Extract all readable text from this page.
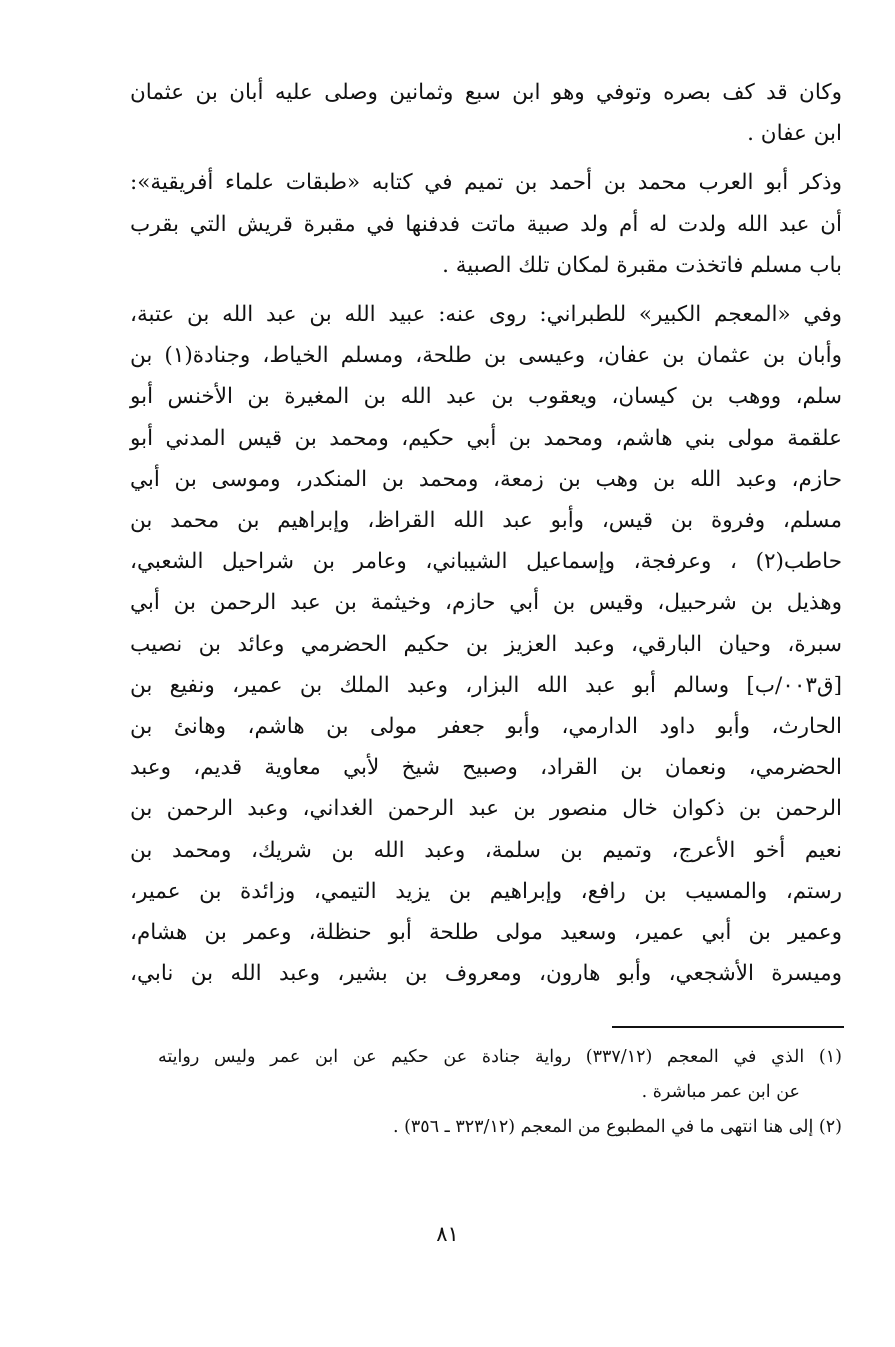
وكان قد كف بصره وتوفي وهو ابن سبع وثمانين وصلى عليه أبان بن عثمان
ابن عفان .

وذكر أبو العرب محمد بن أحمد بن تميم في كتابه «طبقات علماء أفريقية»:
أن عبد الله ولدت له أم ولد صبية ماتت فدفنها في مقبرة قريش التي بقرب
باب مسلم فاتخذت مقبرة لمكان تلك الصبية .

وفي «المعجم الكبير» للطبراني: روى عنه: عبيد الله بن عبد الله بن عتبة،
وأبان بن عثمان بن عفان، وعيسى بن طلحة، ومسلم الخياط، وجنادة(١) بن
سلم، ووهب بن كيسان، ويعقوب بن عبد الله بن المغيرة بن الأخنس أبو
علقمة مولى بني هاشم، ومحمد بن أبي حكيم، ومحمد بن قيس المدني أبو
حازم، وعبد الله بن وهب بن زمعة، ومحمد بن المنكدر، وموسى بن أبي
مسلم، وفروة بن قيس، وأبو عبد الله القراظ، وإبراهيم بن محمد بن
حاطب(٢) ، وعرفجة، وإسماعيل الشيباني، وعامر بن شراحيل الشعبي،
وهذيل بن شرحبيل، وقيس بن أبي حازم، وخيثمة بن عبد الرحمن بن أبي
سبرة، وحيان البارقي، وعبد العزيز بن حكيم الحضرمي وعائد بن نصيب
[ق٠٠٣/ب] وسالم أبو عبد الله البزار، وعبد الملك بن عمير، ونفيع بن
الحارث، وأبو داود الدارمي، وأبو جعفر مولى بن هاشم، وهانئ بن
الحضرمي، ونعمان بن القراد، وصبيح شيخ لأبي معاوية قديم، وعبد
الرحمن بن ذكوان خال منصور بن عبد الرحمن الغداني، وعبد الرحمن بن
نعيم أخو الأعرج، وتميم بن سلمة، وعبد الله بن شريك، ومحمد بن
رستم، والمسيب بن رافع، وإبراهيم بن يزيد التيمي، وزائدة بن عمير،
وعمير بن أبي عمير، وسعيد مولى طلحة أبو حنظلة، وعمر بن هشام،
وميسرة الأشجعي، وأبو هارون، ومعروف بن بشير، وعبد الله بن نابي،

(١) الذي في المعجم (٣٣٧/١٢) رواية جنادة عن حكيم عن ابن عمر وليس روايته
عن ابن عمر مباشرة .
(٢) إلى هنا انتهى ما في المطبوع من المعجم (٣٢٣/١٢ ـ ٣٥٦) .
٨١
